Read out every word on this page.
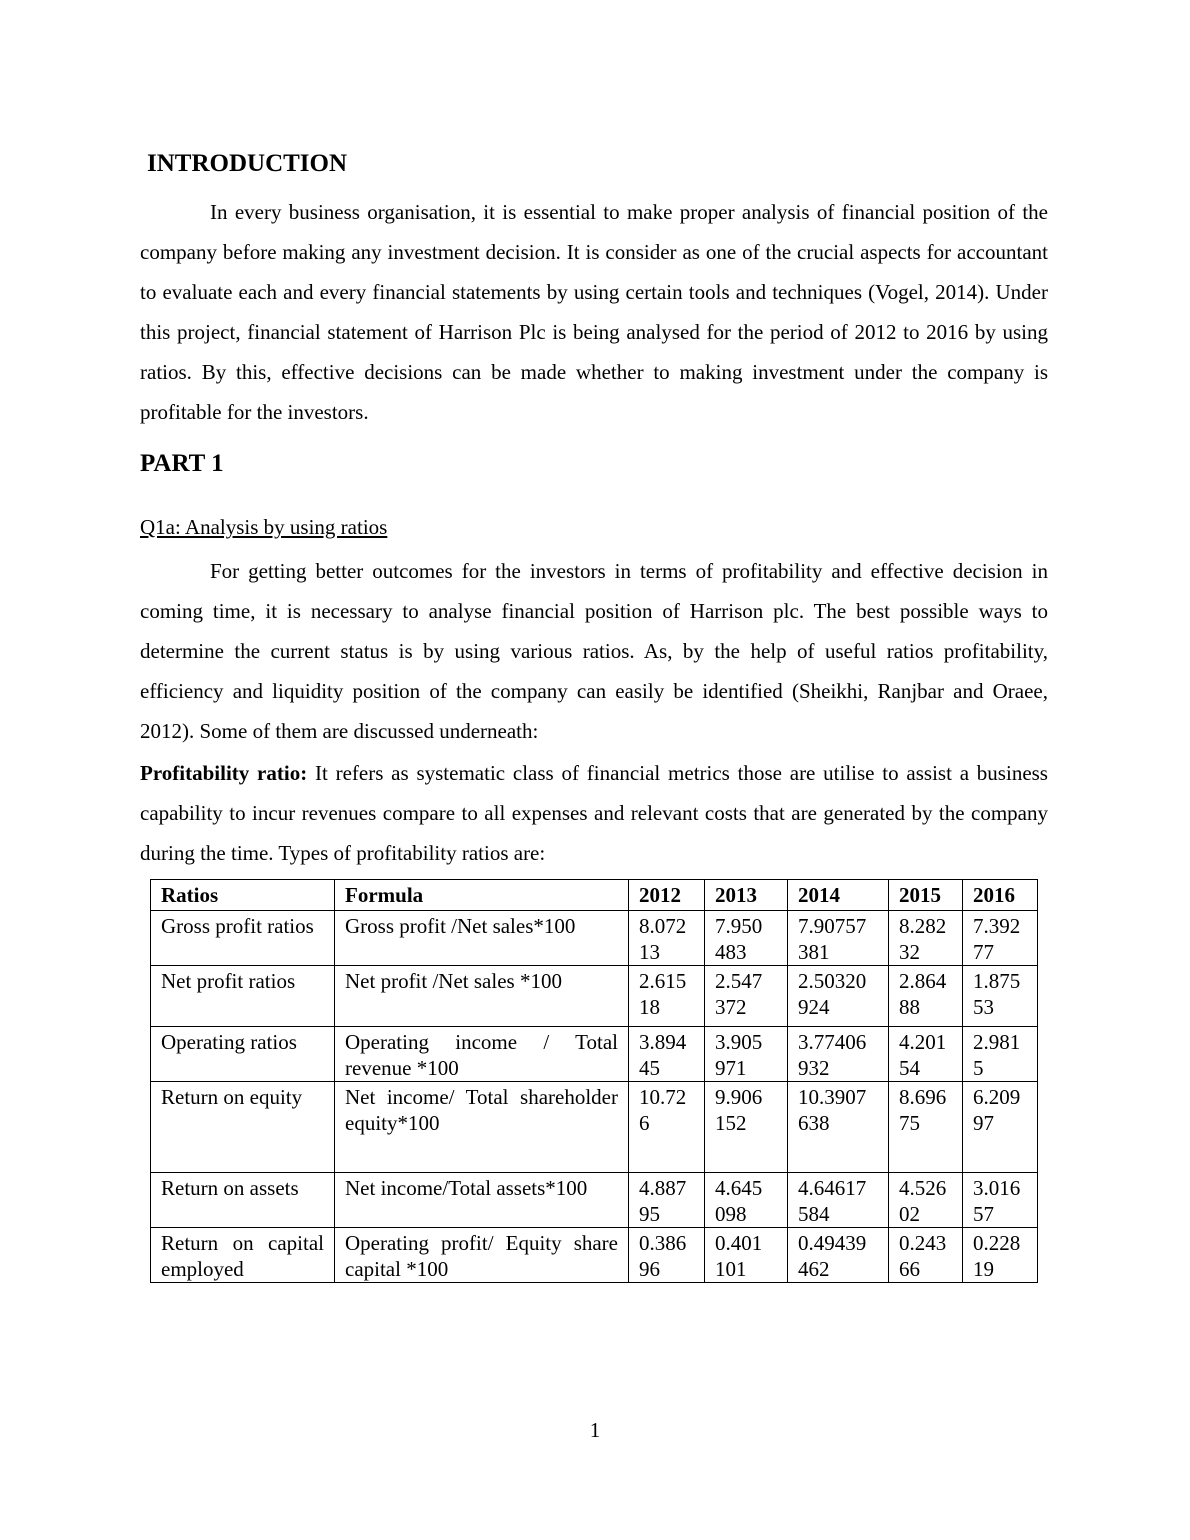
INTRODUCTION

In every business organisation, it is essential to make proper analysis of financial position of the company before making any investment decision. It is consider as one of the crucial aspects for accountant to evaluate each and every financial statements by using certain tools and techniques (Vogel, 2014). Under this project, financial statement of Harrison Plc is being analysed for the period of 2012 to 2016 by using ratios. By this, effective decisions can be made whether to making investment under the company is profitable for the investors.

PART 1
Q1a: Analysis by using ratios

For getting better outcomes for the investors in terms of profitability and effective decision in coming time, it is necessary to analyse financial position of Harrison plc. The best possible ways to determine the current status is by using various ratios. As, by the help of useful ratios profitability, efficiency and liquidity position of the company can easily be identified (Sheikhi, Ranjbar and Oraee, 2012). Some of them are discussed underneath:

Profitability ratio: It refers as systematic class of financial metrics those are utilise to assist a business capability to incur revenues compare to all expenses and relevant costs that are generated by the company during the time. Types of profitability ratios are:

Ratios	Formula	2012	2013	2014	2015	2016
Gross profit ratios	Gross profit /Net sales*100	8.07213	7.950483	7.90757381	8.28232	7.39277
Net profit ratios	Net profit /Net sales *100	2.61518	2.547372	2.50320924	2.86488	1.87553
Operating ratios	Operating income / Total revenue *100	3.89445	3.905971	3.77406932	4.20154	2.9815
Return on equity	Net income/ Total shareholder equity*100	10.726	9.906152	10.3907638	8.69675	6.20997
Return on assets	Net income/Total assets*100	4.88795	4.645098	4.64617584	4.52602	3.01657
Return on capital employed	Operating profit/ Equity share capital *100	0.38696	0.401101	0.49439462	0.24366	0.22819
1
